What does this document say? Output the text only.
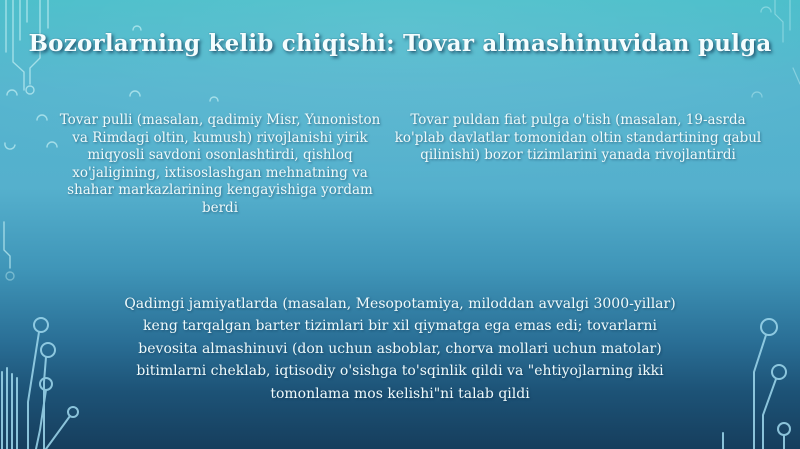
Bozorlarning kelib chiqishi: Tovar almashinuvidan pulga
Tovar pulli (masalan, qadimiy Misr, Yunoniston va Rimdagi oltin, kumush) rivojlanishi yirik miqyosli savdoni osonlashtirdi, qishloq xo'jaligining, ixtisoslashgan mehnatning va shahar markazlarining kengayishiga yordam berdi
Tovar puldan fiat pulga o'tish (masalan, 19-asrda ko'plab davlatlar tomonidan oltin standartining qabul qilinishi) bozor tizimlarini yanada rivojlantirdi
Qadimgi jamiyatlarda (masalan, Mesopotamiya, miloddan avvalgi 3000-yillar) keng tarqalgan barter tizimlari bir xil qiymatga ega emas edi; tovarlarni bevosita almashinuvi (don uchun asboblar, chorva mollari uchun matolar) bitimlarni cheklab, iqtisodiy o'sishga to'sqinlik qildi va "ehtiyojlarning ikki tomonlama mos kelishi"ni talab qildi
